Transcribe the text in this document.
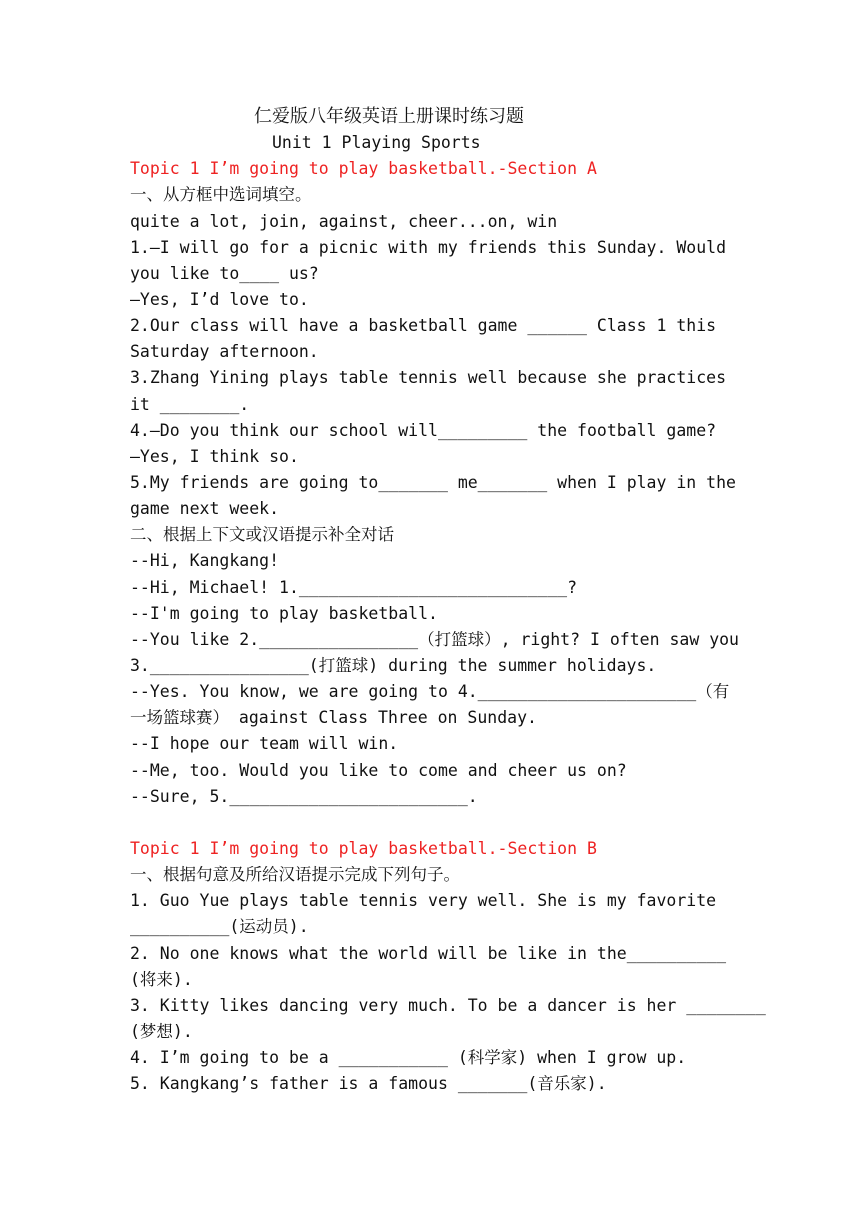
仁爱版八年级英语上册课时练习题
Unit 1 Playing Sports
Topic 1 I’m going to play basketball.-Section A
一、从方框中选词填空。
quite a lot, join, against, cheer...on, win
1.—I will go for a picnic with my friends this Sunday. Would
you like to____ us?
—Yes, I’d love to.
2.Our class will have a basketball game ______ Class 1 this
Saturday afternoon.
3.Zhang Yining plays table tennis well because she practices
it ________.
4.—Do you think our school will_________ the football game?
—Yes, I think so.
5.My friends are going to_______ me_______ when I play in the
game next week.
二、根据上下文或汉语提示补全对话
--Hi, Kangkang!
--Hi, Michael! 1.___________________________?
--I'm going to play basketball.
--You like 2.________________（打篮球）, right? I often saw you
3.________________(打篮球) during the summer holidays.
--Yes. You know, we are going to 4.______________________（有
一场篮球赛） against Class Three on Sunday.
--I hope our team will win.
--Me, too. Would you like to come and cheer us on?
--Sure, 5.________________________.
Topic 1 I’m going to play basketball.-Section B
一、根据句意及所给汉语提示完成下列句子。
1. Guo Yue plays table tennis very well. She is my favorite
__________(运动员).
2. No one knows what the world will be like in the__________
(将来).
3. Kitty likes dancing very much. To be a dancer is her ________
(梦想).
4. I’m going to be a ___________ (科学家) when I grow up.
5. Kangkang’s father is a famous _______(音乐家).
